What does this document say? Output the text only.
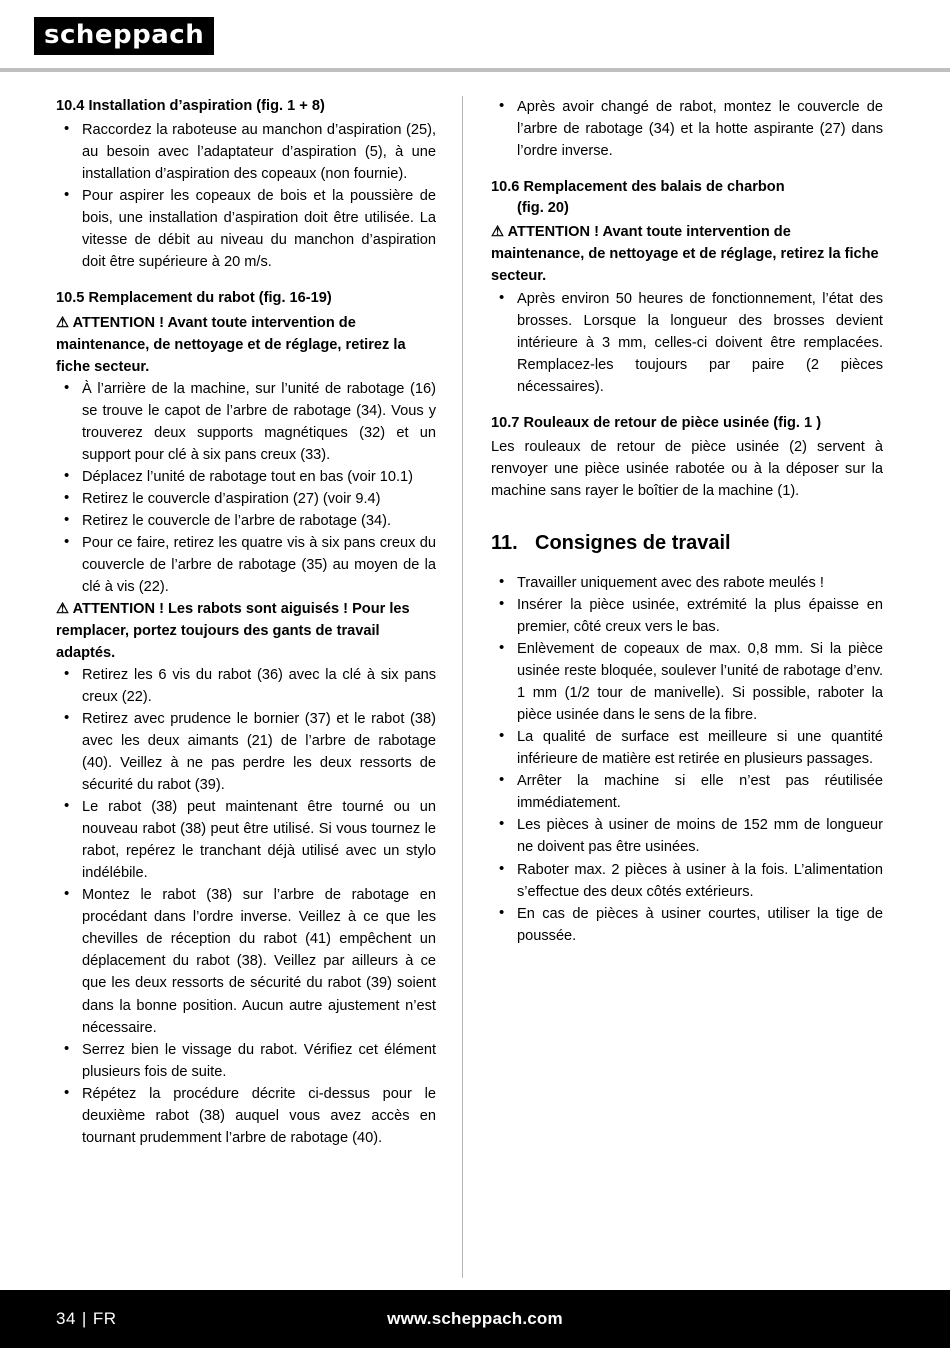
scheppach
10.4 Installation d’aspiration (fig. 1 + 8)
• Raccordez la raboteuse au manchon d’aspiration (25), au besoin avec l’adaptateur d’aspiration (5), à une installation d’aspiration des copeaux (non fournie).
• Pour aspirer les copeaux de bois et la poussière de bois, une installation d’aspiration doit être utilisée. La vitesse de débit au niveau du manchon d’aspiration doit être supérieure à 20 m/s.
10.5 Remplacement du rabot (fig. 16-19)

⚠ ATTENTION ! Avant toute intervention de maintenance, de nettoyage et de réglage, retirez la fiche secteur.

• À l’arrière de la machine, sur l’unité de rabotage (16) se trouve le capot de l’arbre de rabotage (34). Vous y trouverez deux supports magnétiques (32) et un support pour clé à six pans creux (33).
• Déplacez l’unité de rabotage tout en bas (voir 10.1)
• Retirez le couvercle d’aspiration (27) (voir 9.4)
• Retirez le couvercle de l’arbre de rabotage (34).
• Pour ce faire, retirez les quatre vis à six pans creux du couvercle de l’arbre de rabotage (35) au moyen de la clé à vis (22).

⚠ ATTENTION ! Les rabots sont aiguisés ! Pour les remplacer, portez toujours des gants de travail adaptés.

• Retirez les 6 vis du rabot (36) avec la clé à six pans creux (22).
• Retirez avec prudence le bornier (37) et le rabot (38) avec les deux aimants (21) de l’arbre de rabotage (40). Veillez à ne pas perdre les deux ressorts de sécurité du rabot (39).
• Le rabot (38) peut maintenant être tourné ou un nouveau rabot (38) peut être utilisé. Si vous tournez le rabot, repérez le tranchant déjà utilisé avec un stylo indélébile.
• Montez le rabot (38) sur l’arbre de rabotage en procédant dans l’ordre inverse. Veillez à ce que les chevilles de réception du rabot (41) empêchent un déplacement du rabot (38). Veillez par ailleurs à ce que les deux ressorts de sécurité du rabot (39) soient dans la bonne position. Aucun autre ajustement n’est nécessaire.
• Serrez bien le vissage du rabot. Vérifiez cet élément plusieurs fois de suite.
• Répétez la procédure décrite ci-dessus pour le deuxième rabot (38) auquel vous avez accès en tournant prudemment l’arbre de rabotage (40).
• Après avoir changé de rabot, montez le couvercle de l’arbre de rabotage (34) et la hotte aspirante (27) dans l’ordre inverse.
10.6 Remplacement des balais de charbon
(fig. 20)

⚠ ATTENTION ! Avant toute intervention de maintenance, de nettoyage et de réglage, retirez la fiche secteur.

• Après environ 50 heures de fonctionnement, l’état des brosses. Lorsque la longueur des brosses devient intérieure à 3 mm, celles-ci doivent être remplacées. Remplacez-les toujours par paire (2 pièces nécessaires).
10.7 Rouleaux de retour de pièce usinée (fig. 1 )

Les rouleaux de retour de pièce usinée (2) servent à renvoyer une pièce usinée rabotée ou à la déposer sur la machine sans rayer le boîtier de la machine (1).

11. Consignes de travail
• Travailler uniquement avec des rabote meulés !
• Insérer la pièce usinée, extrémité la plus épaisse en premier, côté creux vers le bas.
• Enlèvement de copeaux de max. 0,8 mm. Si la pièce usinée reste bloquée, soulever l’unité de rabotage d’env. 1 mm (1/2 tour de manivelle). Si possible, raboter la pièce usinée dans le sens de la fibre.
• La qualité de surface est meilleure si une quantité inférieure de matière est retirée en plusieurs passages.
• Arrêter la machine si elle n’est pas réutilisée immédiatement.
• Les pièces à usiner de moins de 152 mm de longueur ne doivent pas être usinées.
• Raboter max. 2 pièces à usiner à la fois. L’alimentation s’effectue des deux côtés extérieurs.
• En cas de pièces à usiner courtes, utiliser la tige de poussée.
34 | FR	www.scheppach.com
